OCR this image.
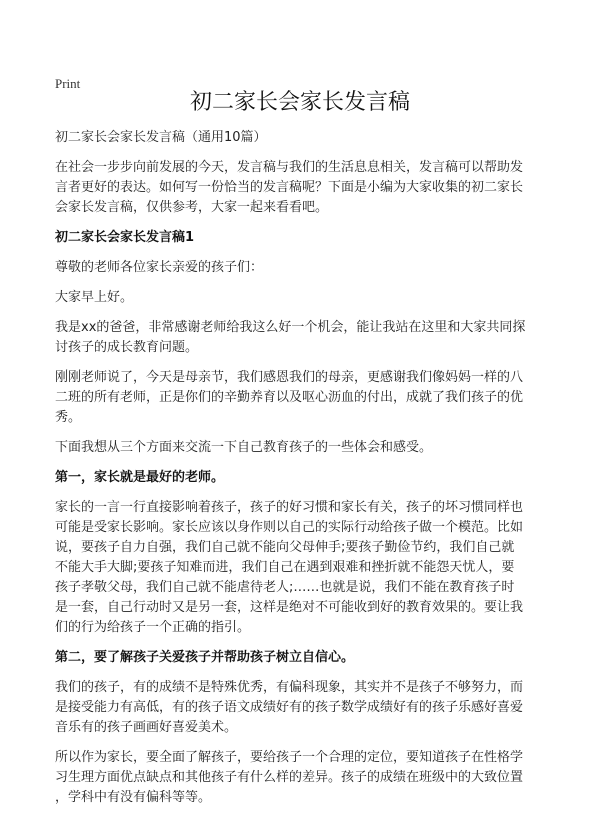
Print
初二家长会家长发言稿
初二家长会家长发言稿（通用10篇）
在社会一步步向前发展的今天，发言稿与我们的生活息息相关，发言稿可以帮助发
言者更好的表达。如何写一份恰当的发言稿呢？下面是小编为大家收集的初二家长
会家长发言稿，仅供参考，大家一起来看看吧。
初二家长会家长发言稿1
尊敬的老师各位家长亲爱的孩子们：
大家早上好。
我是xx的爸爸，非常感谢老师给我这么好一个机会，能让我站在这里和大家共同探
讨孩子的成长教育问题。
刚刚老师说了，今天是母亲节，我们感恩我们的母亲，更感谢我们像妈妈一样的八
二班的所有老师，正是你们的辛勤养育以及呕心沥血的付出，成就了我们孩子的优
秀。
下面我想从三个方面来交流一下自己教育孩子的一些体会和感受。
第一，家长就是最好的老师。
家长的一言一行直接影响着孩子，孩子的好习惯和家长有关，孩子的坏习惯同样也
可能是受家长影响。家长应该以身作则以自己的实际行动给孩子做一个模范。比如
说，要孩子自力自强，我们自己就不能向父母伸手;要孩子勤俭节约，我们自己就
不能大手大脚;要孩子知难而进，我们自己在遇到艰难和挫折就不能怨天忧人，要
孩子孝敬父母，我们自己就不能虐待老人;……也就是说，我们不能在教育孩子时
是一套，自己行动时又是另一套，这样是绝对不可能收到好的教育效果的。要让我
们的行为给孩子一个正确的指引。
第二，要了解孩子关爱孩子并帮助孩子树立自信心。
我们的孩子，有的成绩不是特殊优秀，有偏科现象，其实并不是孩子不够努力，而
是接受能力有高低，有的孩子语文成绩好有的孩子数学成绩好有的孩子乐感好喜爱
音乐有的孩子画画好喜爱美术。
所以作为家长，要全面了解孩子，要给孩子一个合理的定位，要知道孩子在性格学
习生理方面优点缺点和其他孩子有什么样的差异。孩子的成绩在班级中的大致位置
，学科中有没有偏科等等。
